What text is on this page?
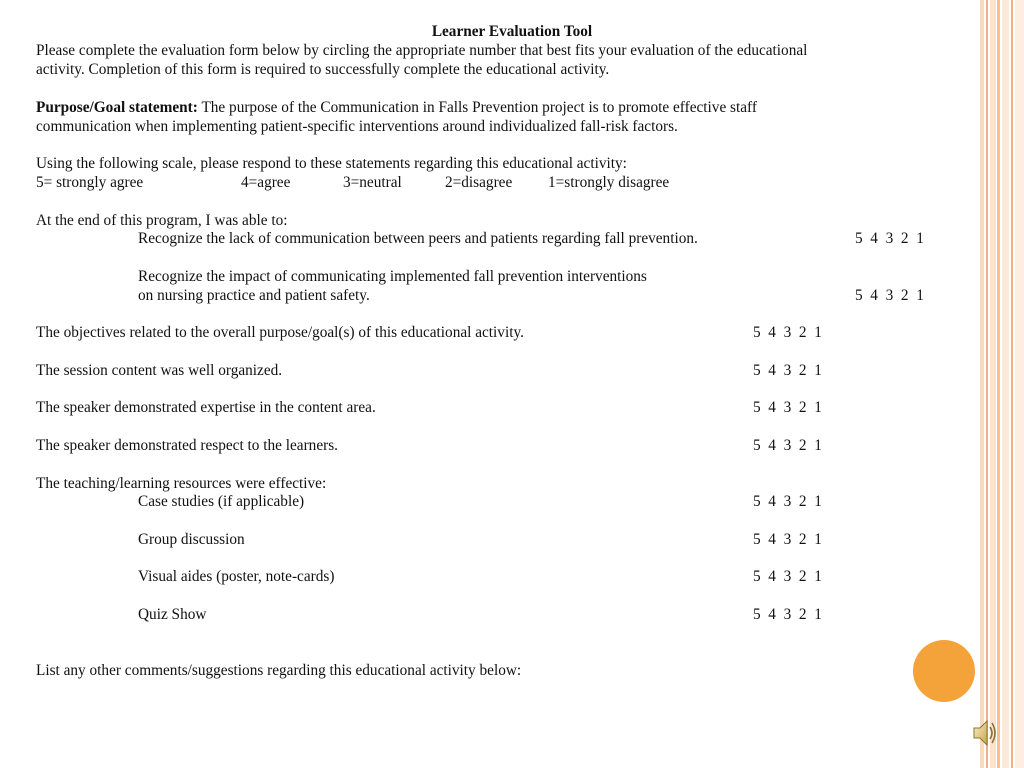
Learner Evaluation Tool
Please complete the evaluation form below by circling the appropriate number that best fits your evaluation of the educational
activity. Completion of this form is required to successfully complete the educational activity.
Purpose/Goal statement: The purpose of the Communication in Falls Prevention project is to promote effective staff
communication when implementing patient-specific interventions around individualized fall-risk factors.
Using the following scale, please respond to these statements regarding this educational activity:
5= strongly agree	4=agree	3=neutral	2=disagree 1=strongly disagree
At the end of this program, I was able to:
Recognize the lack of communication between peers and patients regarding fall prevention.	5  4  3  2  1
Recognize the impact of communicating implemented fall prevention interventions
on nursing practice and patient safety.	5  4  3  2  1
The objectives related to the overall purpose/goal(s) of this educational activity.	5  4  3  2  1
The session content was well organized.	5  4  3  2  1
The speaker demonstrated expertise in the content area.	5  4  3  2  1
The speaker demonstrated respect to the learners.	5  4  3  2  1
The teaching/learning resources were effective:
Case studies (if applicable)	5  4  3  2  1
Group discussion	5  4  3  2  1
Visual aides (poster, note-cards)	5  4  3  2  1
Quiz Show	5  4  3  2  1
List any other comments/suggestions regarding this educational activity below:
